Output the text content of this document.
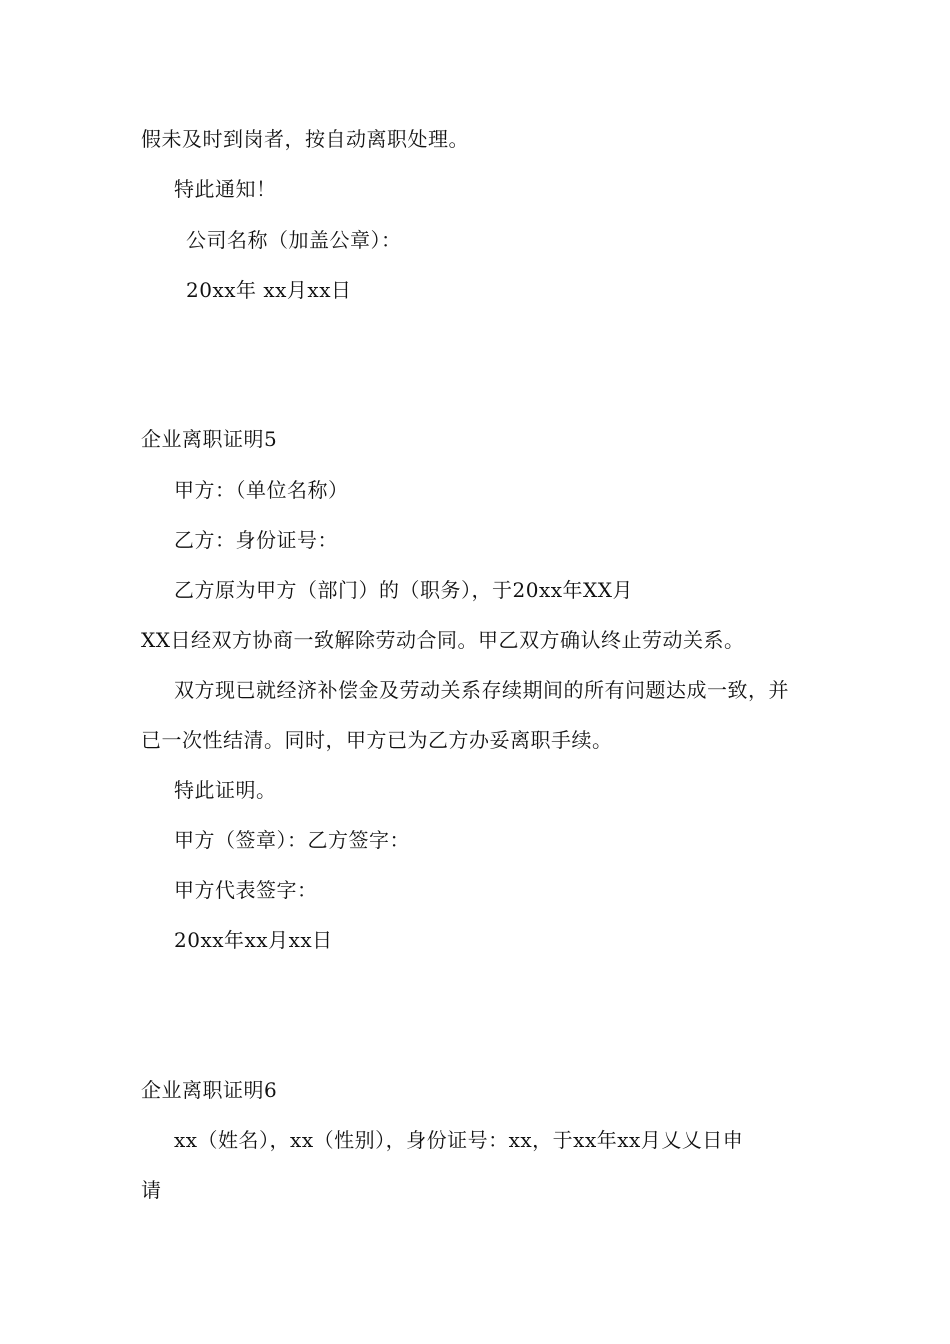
假未及时到岗者，按自动离职处理。

特此通知！

公司名称（加盖公章）：

20xx年 xx月xx日

企业离职证明5

甲方：（单位名称）

乙方：身份证号：

乙方原为甲方（部门）的（职务），于20xx年XX月

XX日经双方协商一致解除劳动合同。甲乙双方确认终止劳动关系。

双方现已就经济补偿金及劳动关系存续期间的所有问题达成一致，并

已一次性结清。同时，甲方已为乙方办妥离职手续。

特此证明。

甲方（签章）：乙方签字：

甲方代表签字：

20xx年xx月xx日

企业离职证明6

xx（姓名），xx（性别），身份证号：xx，于xx年xx月乂乂日申

请
